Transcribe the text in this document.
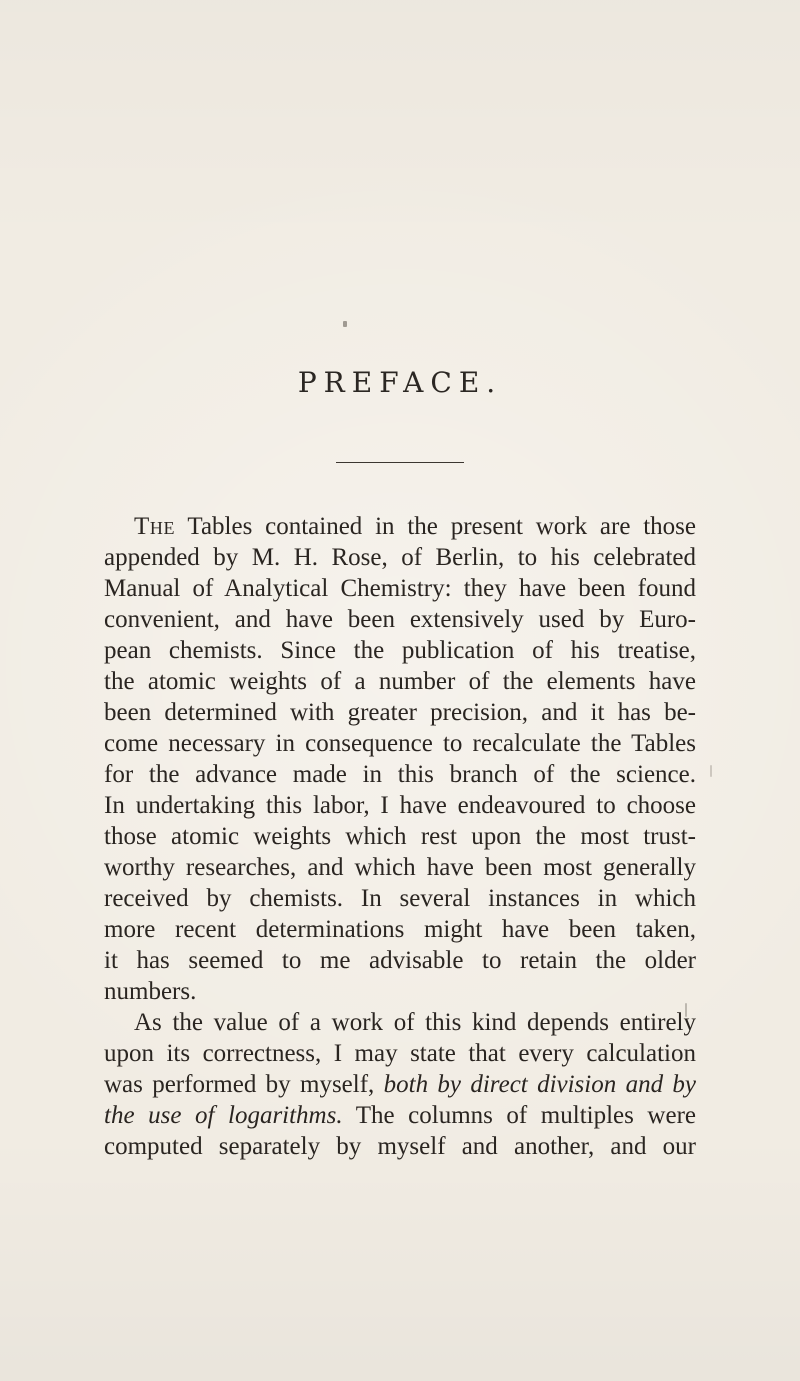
PREFACE.
The Tables contained in the present work are those
appended by M. H. Rose, of Berlin, to his celebrated
Manual of Analytical Chemistry: they have been found
convenient, and have been extensively used by Euro-
pean chemists. Since the publication of his treatise,
the atomic weights of a number of the elements have
been determined with greater precision, and it has be-
come necessary in consequence to recalculate the Tables
for the advance made in this branch of the science.
In undertaking this labor, I have endeavoured to choose
those atomic weights which rest upon the most trust-
worthy researches, and which have been most generally
received by chemists. In several instances in which
more recent determinations might have been taken,
it has seemed to me advisable to retain the older
numbers.
As the value of a work of this kind depends entirely
upon its correctness, I may state that every calculation
was performed by myself, both by direct division and by
the use of logarithms. The columns of multiples were
computed separately by myself and another, and our
